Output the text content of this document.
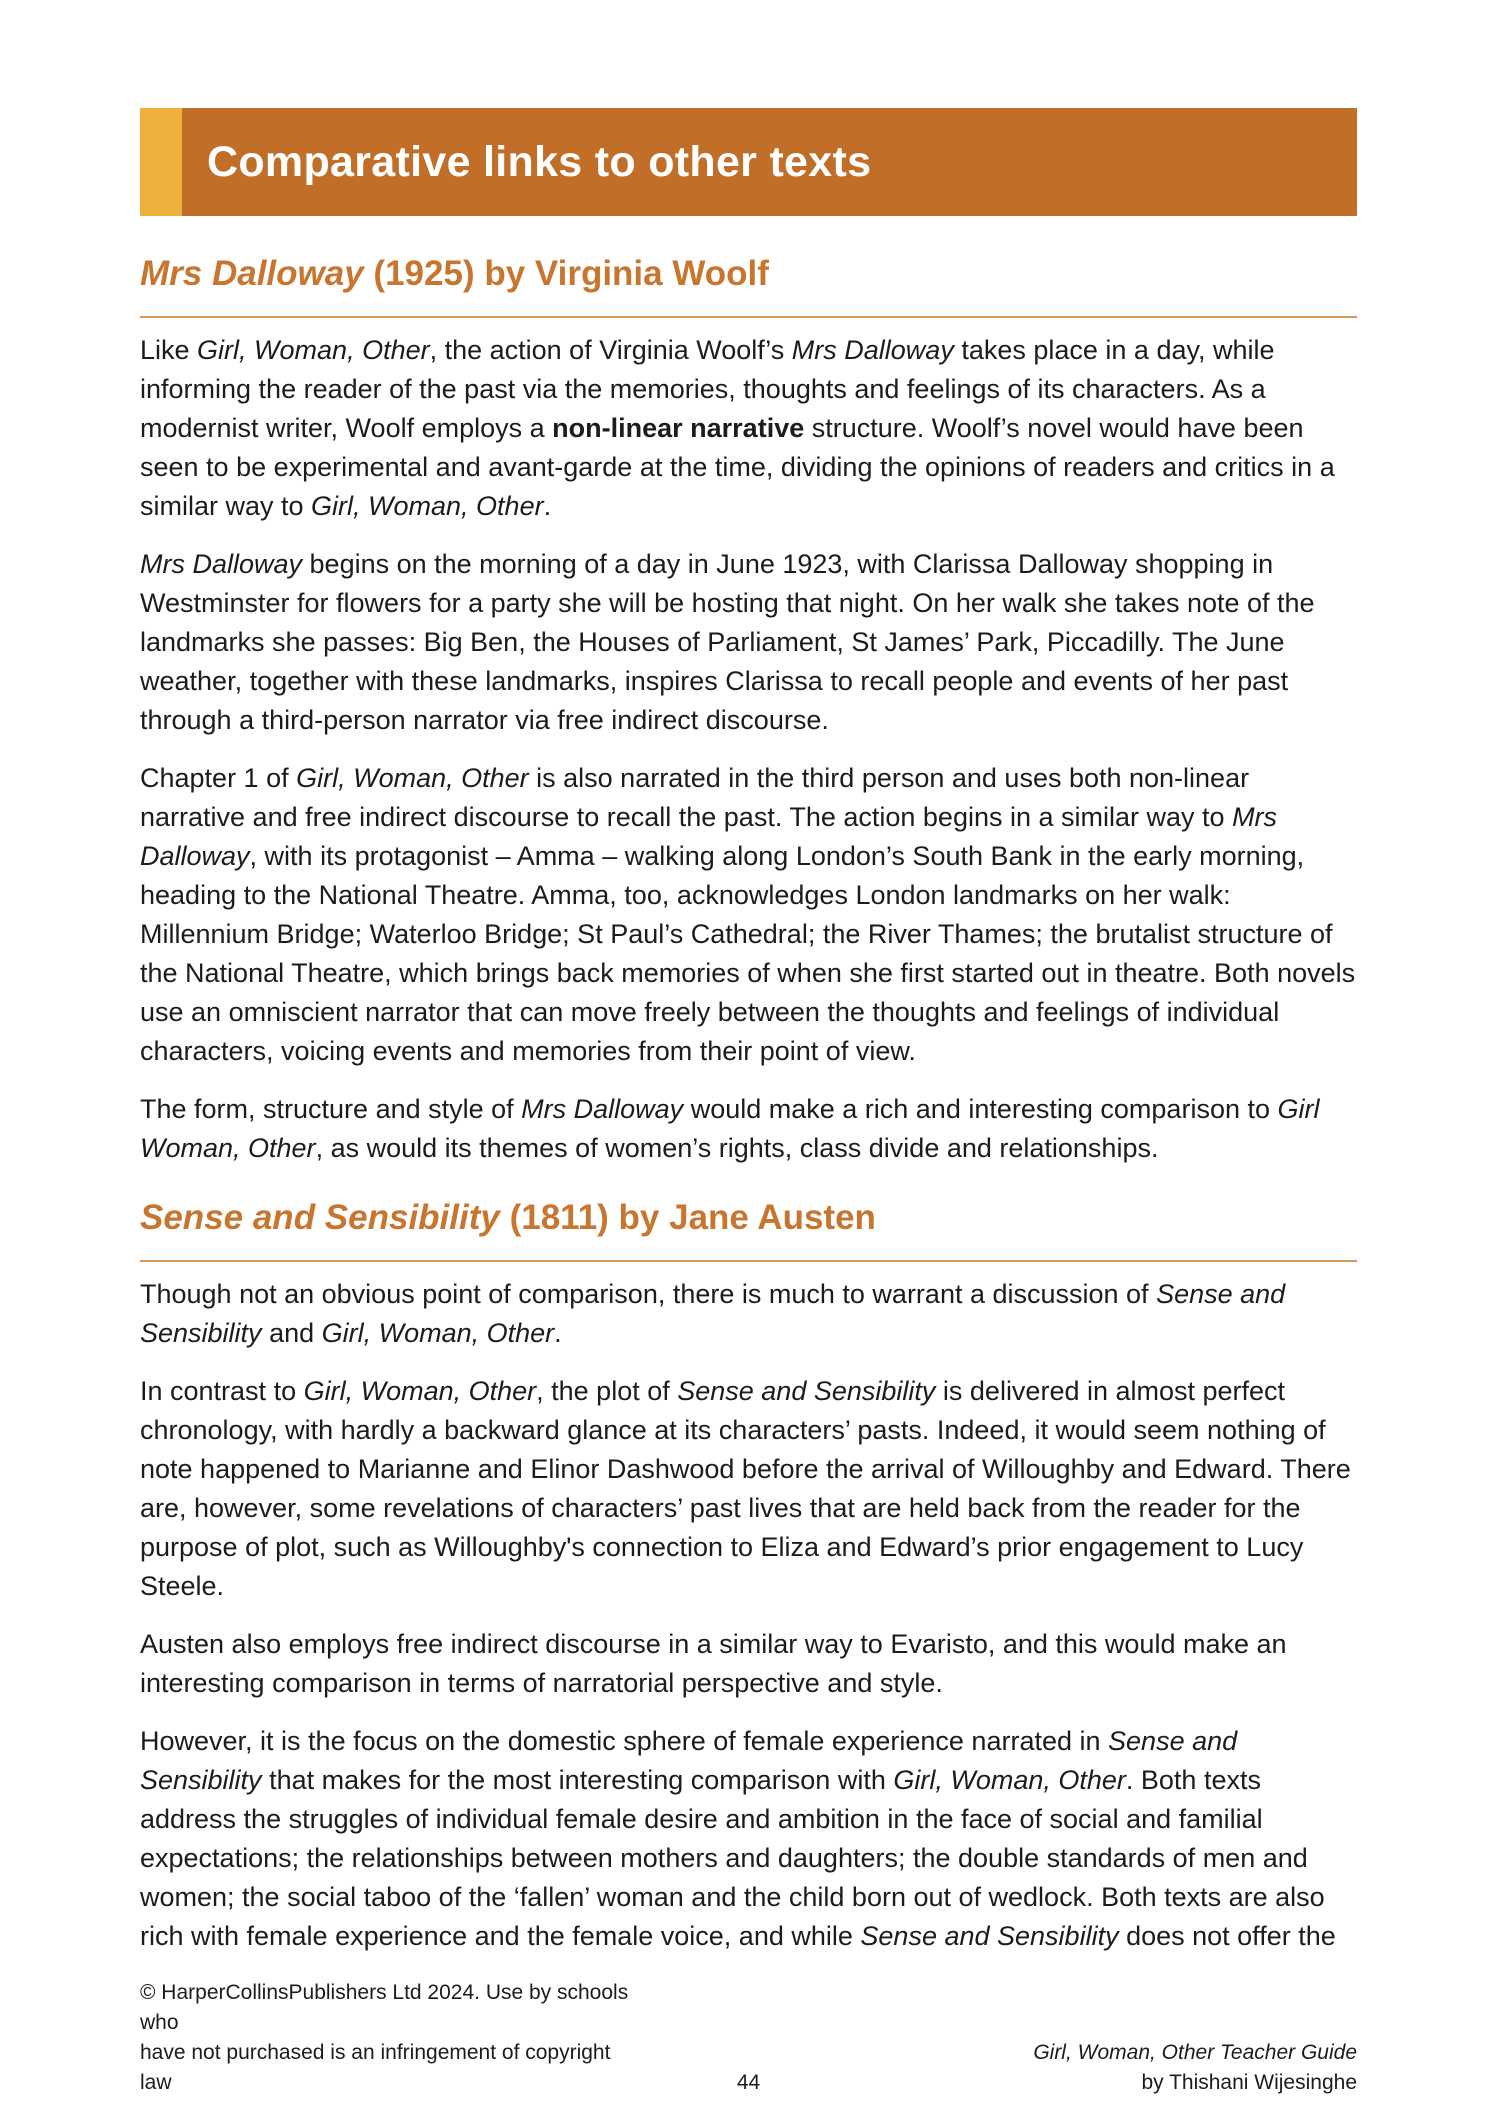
Comparative links to other texts
Mrs Dalloway (1925) by Virginia Woolf

Like Girl, Woman, Other, the action of Virginia Woolf’s Mrs Dalloway takes place in a day, while informing the reader of the past via the memories, thoughts and feelings of its characters. As a modernist writer, Woolf employs a non-linear narrative structure. Woolf’s novel would have been seen to be experimental and avant-garde at the time, dividing the opinions of readers and critics in a similar way to Girl, Woman, Other.

Mrs Dalloway begins on the morning of a day in June 1923, with Clarissa Dalloway shopping in Westminster for flowers for a party she will be hosting that night. On her walk she takes note of the landmarks she passes: Big Ben, the Houses of Parliament, St James’ Park, Piccadilly. The June weather, together with these landmarks, inspires Clarissa to recall people and events of her past through a third-person narrator via free indirect discourse.

Chapter 1 of Girl, Woman, Other is also narrated in the third person and uses both non-linear narrative and free indirect discourse to recall the past. The action begins in a similar way to Mrs Dalloway, with its protagonist – Amma – walking along London’s South Bank in the early morning, heading to the National Theatre. Amma, too, acknowledges London landmarks on her walk: Millennium Bridge; Waterloo Bridge; St Paul’s Cathedral; the River Thames; the brutalist structure of the National Theatre, which brings back memories of when she first started out in theatre. Both novels use an omniscient narrator that can move freely between the thoughts and feelings of individual characters, voicing events and memories from their point of view.

The form, structure and style of Mrs Dalloway would make a rich and interesting comparison to Girl Woman, Other, as would its themes of women’s rights, class divide and relationships.

Sense and Sensibility (1811) by Jane Austen

Though not an obvious point of comparison, there is much to warrant a discussion of Sense and Sensibility and Girl, Woman, Other.

In contrast to Girl, Woman, Other, the plot of Sense and Sensibility is delivered in almost perfect chronology, with hardly a backward glance at its characters’ pasts. Indeed, it would seem nothing of note happened to Marianne and Elinor Dashwood before the arrival of Willoughby and Edward. There are, however, some revelations of characters’ past lives that are held back from the reader for the purpose of plot, such as Willoughby's connection to Eliza and Edward’s prior engagement to Lucy Steele.

Austen also employs free indirect discourse in a similar way to Evaristo, and this would make an interesting comparison in terms of narratorial perspective and style.

However, it is the focus on the domestic sphere of female experience narrated in Sense and Sensibility that makes for the most interesting comparison with Girl, Woman, Other. Both texts address the struggles of individual female desire and ambition in the face of social and familial expectations; the relationships between mothers and daughters; the double standards of men and women; the social taboo of the ‘fallen’ woman and the child born out of wedlock. Both texts are also rich with female experience and the female voice, and while Sense and Sensibility does not offer the

© HarperCollinsPublishers Ltd 2024. Use by schools who
have not purchased is an infringement of copyright law	44
Girl, Woman, Other Teacher Guide
by Thishani Wijesinghe
